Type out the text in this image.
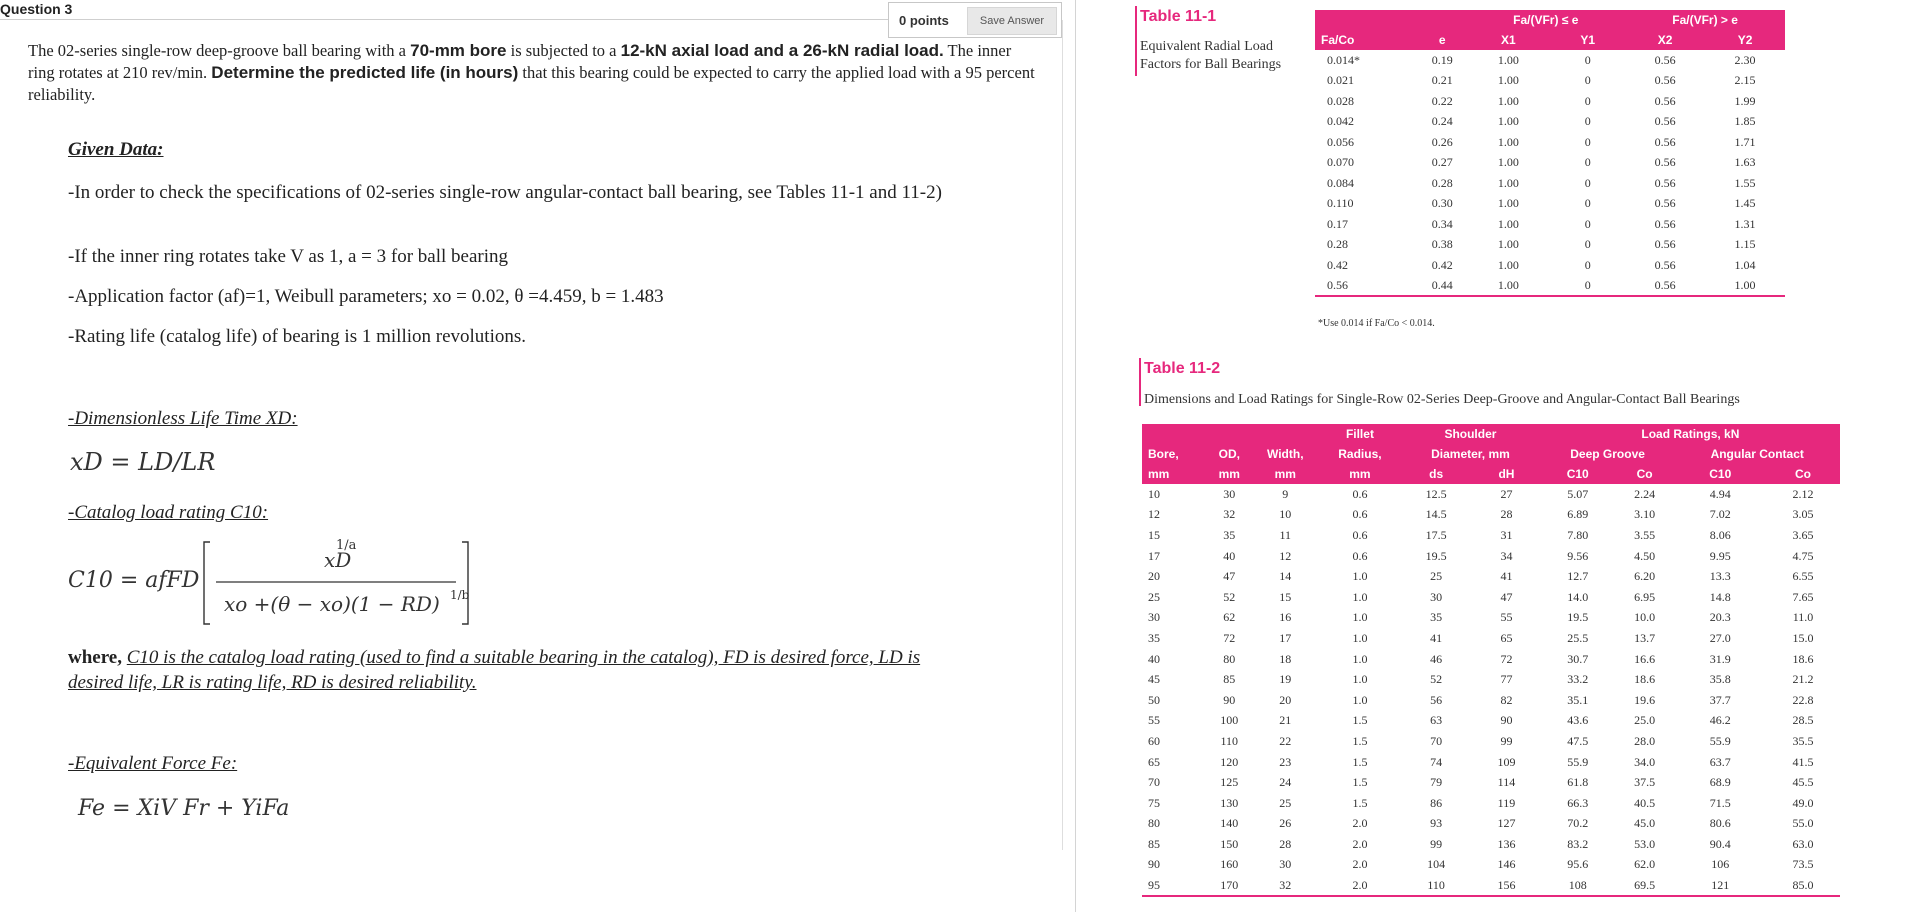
Question 3
0 points	Save Answer
The 02-series single-row deep-groove ball bearing with a 70-mm bore is subjected to a 12-kN axial load and a 26-kN radial load. The inner ring rotates at 210 rev/min. Determine the predicted life (in hours) that this bearing could be expected to carry the applied load with a 95 percent reliability.
Given Data:
-In order to check the specifications of 02-series single-row angular-contact ball bearing, see Tables 11-1 and 11-2)
-If the inner ring rotates take V as 1, a = 3 for ball bearing
-Application factor (af)=1, Weibull parameters; xo = 0.02, θ =4.459, b = 1.483
-Rating life (catalog life) of bearing is 1 million revolutions.
-Dimensionless Life Time XD:
xD = LD/LR
-Catalog load rating C10:
C10 = afFD
1/a
xD
xo +(θ − xo)(1 − RD) 1/b
where, C10 is the catalog load rating (used to find a suitable bearing in the catalog), FD is desired force, LD is desired life, LR is rating life, RD is desired reliability.
-Equivalent Force Fe:
Fe = XiV Fr + YiFa
Table 11-1
Equivalent Radial Load Factors for Ball Bearings
		Fa/(VFr) ≤ e		Fa/(VFr) > e	
Fa/Co	e	X1	Y1	X2	Y2
0.014*	0.19	1.00	0	0.56	2.30
0.021	0.21	1.00	0	0.56	2.15
0.028	0.22	1.00	0	0.56	1.99
0.042	0.24	1.00	0	0.56	1.85
0.056	0.26	1.00	0	0.56	1.71
0.070	0.27	1.00	0	0.56	1.63
0.084	0.28	1.00	0	0.56	1.55
0.110	0.30	1.00	0	0.56	1.45
0.17	0.34	1.00	0	0.56	1.31
0.28	0.38	1.00	0	0.56	1.15
0.42	0.42	1.00	0	0.56	1.04
0.56	0.44	1.00	0	0.56	1.00
*Use 0.014 if Fa/Co < 0.014.
Table 11-2
Dimensions and Load Ratings for Single-Row 02-Series Deep-Groove and Angular-Contact Ball Bearings
			Fillet	Shoulder		Load Ratings, kN			
Bore,	OD,	Width,	Radius,	Diameter, mm		Deep Groove		Angular Contact	
mm	mm	mm	mm	ds	dH	C10	Co	C10	Co
10	30	9	0.6	12.5	27	5.07	2.24	4.94	2.12
12	32	10	0.6	14.5	28	6.89	3.10	7.02	3.05
15	35	11	0.6	17.5	31	7.80	3.55	8.06	3.65
17	40	12	0.6	19.5	34	9.56	4.50	9.95	4.75
20	47	14	1.0	25	41	12.7	6.20	13.3	6.55
25	52	15	1.0	30	47	14.0	6.95	14.8	7.65
30	62	16	1.0	35	55	19.5	10.0	20.3	11.0
35	72	17	1.0	41	65	25.5	13.7	27.0	15.0
40	80	18	1.0	46	72	30.7	16.6	31.9	18.6
45	85	19	1.0	52	77	33.2	18.6	35.8	21.2
50	90	20	1.0	56	82	35.1	19.6	37.7	22.8
55	100	21	1.5	63	90	43.6	25.0	46.2	28.5
60	110	22	1.5	70	99	47.5	28.0	55.9	35.5
65	120	23	1.5	74	109	55.9	34.0	63.7	41.5
70	125	24	1.5	79	114	61.8	37.5	68.9	45.5
75	130	25	1.5	86	119	66.3	40.5	71.5	49.0
80	140	26	2.0	93	127	70.2	45.0	80.6	55.0
85	150	28	2.0	99	136	83.2	53.0	90.4	63.0
90	160	30	2.0	104	146	95.6	62.0	106	73.5
95	170	32	2.0	110	156	108	69.5	121	85.0
